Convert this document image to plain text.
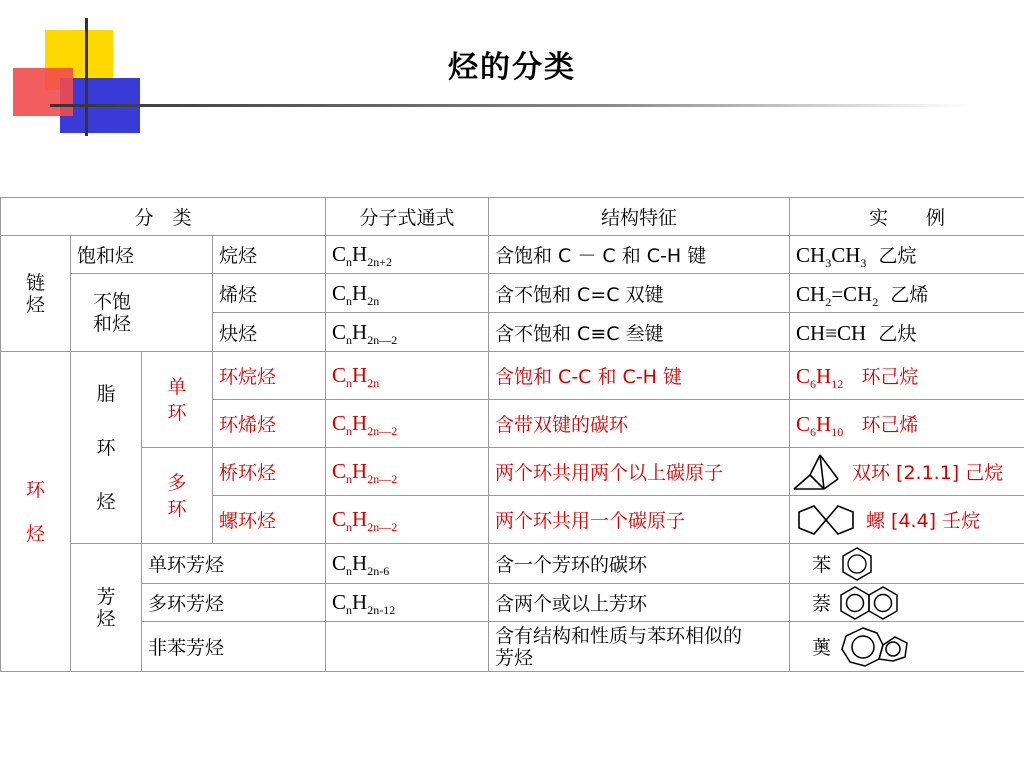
烃的分类
分　类				分子式通式	结构特征	实　　例

链烃	饱和烃		烷烃	$C_nH_{2n+2}$	含饱和 C － C 和 C-H 键	$CH_3CH_3$ 乙烷

	不饱和烃		烯烃	$C_nH_{2n}$	含不饱和 C=C 双键	$CH_2=CH_2$ 乙烯
			炔烃	$C_nH_{2n—2}$	含不饱和 C≡C 叁键	CH≡CH 乙炔

环烃	脂环烃	单环	环烷烃	$C_nH_{2n}$	含饱和 C-C 和 C-H 键	$C_6H_{12}$ 环己烷
			环烯烃	$C_nH_{2n—2}$	含带双键的碳环	$C_6H_{10}$ 环己烯

		多环	桥环烃	$C_nH_{2n—2}$	两个环共用两个以上碳原子	双环 [2.1.1] 己烷

			螺环烃	$C_nH_{2n—2}$	两个环共用一个碳原子	螺 [4.4] 壬烷

	芳烃	单环芳烃		$C_nH_{2n-6}$	含一个芳环的碳环	苯

		多环芳烃		$C_nH_{2n-12}$	含两个或以上芳环	萘

		非苯芳烃			含有结构和性质与苯环相似的芳烃	薁
